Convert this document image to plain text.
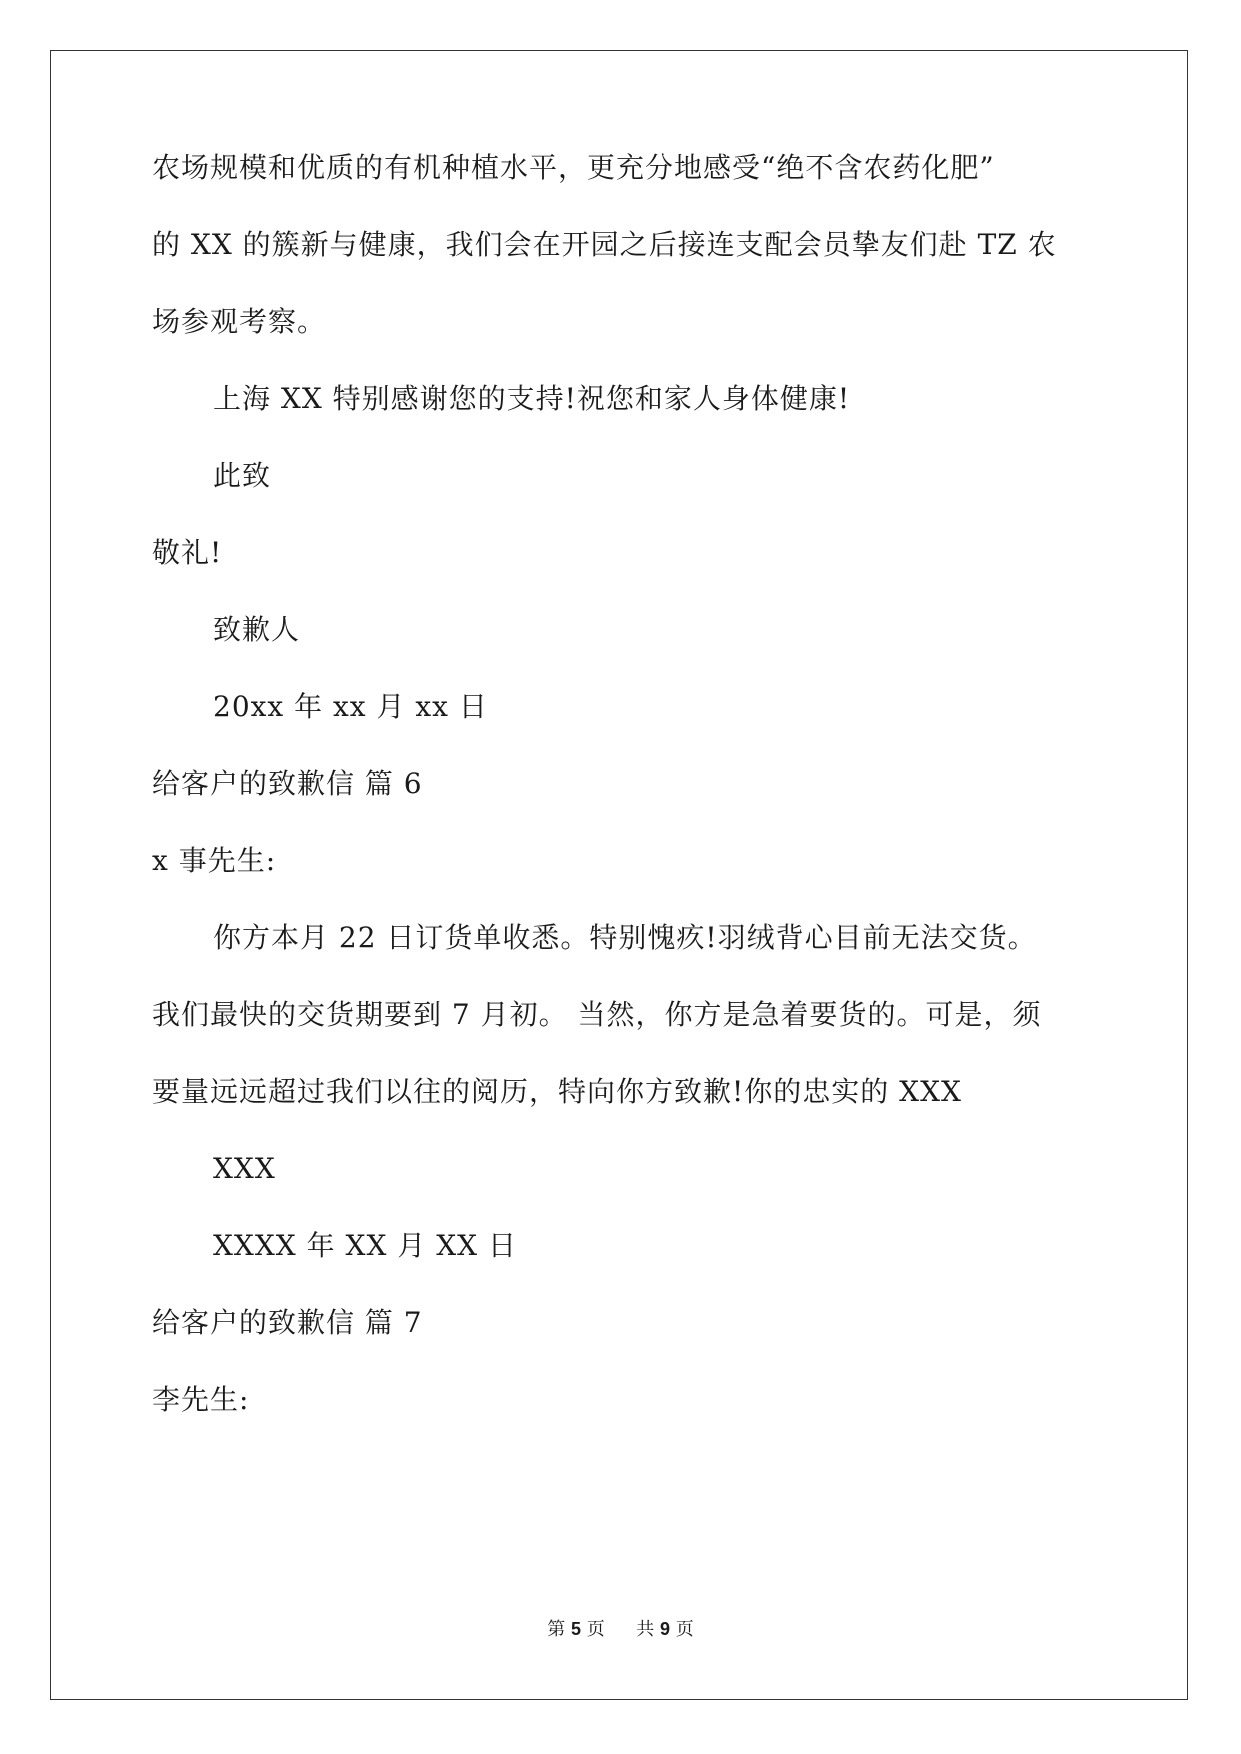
农场规模和优质的有机种植水平，更充分地感受“绝不含农药化肥”
的 XX 的簇新与健康，我们会在开园之后接连支配会员挚友们赴 TZ 农
场参观考察。
上海 XX 特别感谢您的支持!祝您和家人身体健康!
此致
敬礼!
致歉人
20xx 年 xx 月 xx 日
给客户的致歉信 篇 6
x 事先生:
你方本月 22 日订货单收悉。特别愧疚!羽绒背心目前无法交货。
我们最快的交货期要到 7 月初。 当然，你方是急着要货的。可是，须
要量远远超过我们以往的阅历，特向你方致歉!你的忠实的 XXX
XXX
XXXX 年 XX 月 XX 日
给客户的致歉信 篇 7
李先生:
第 5 页 共 9 页
